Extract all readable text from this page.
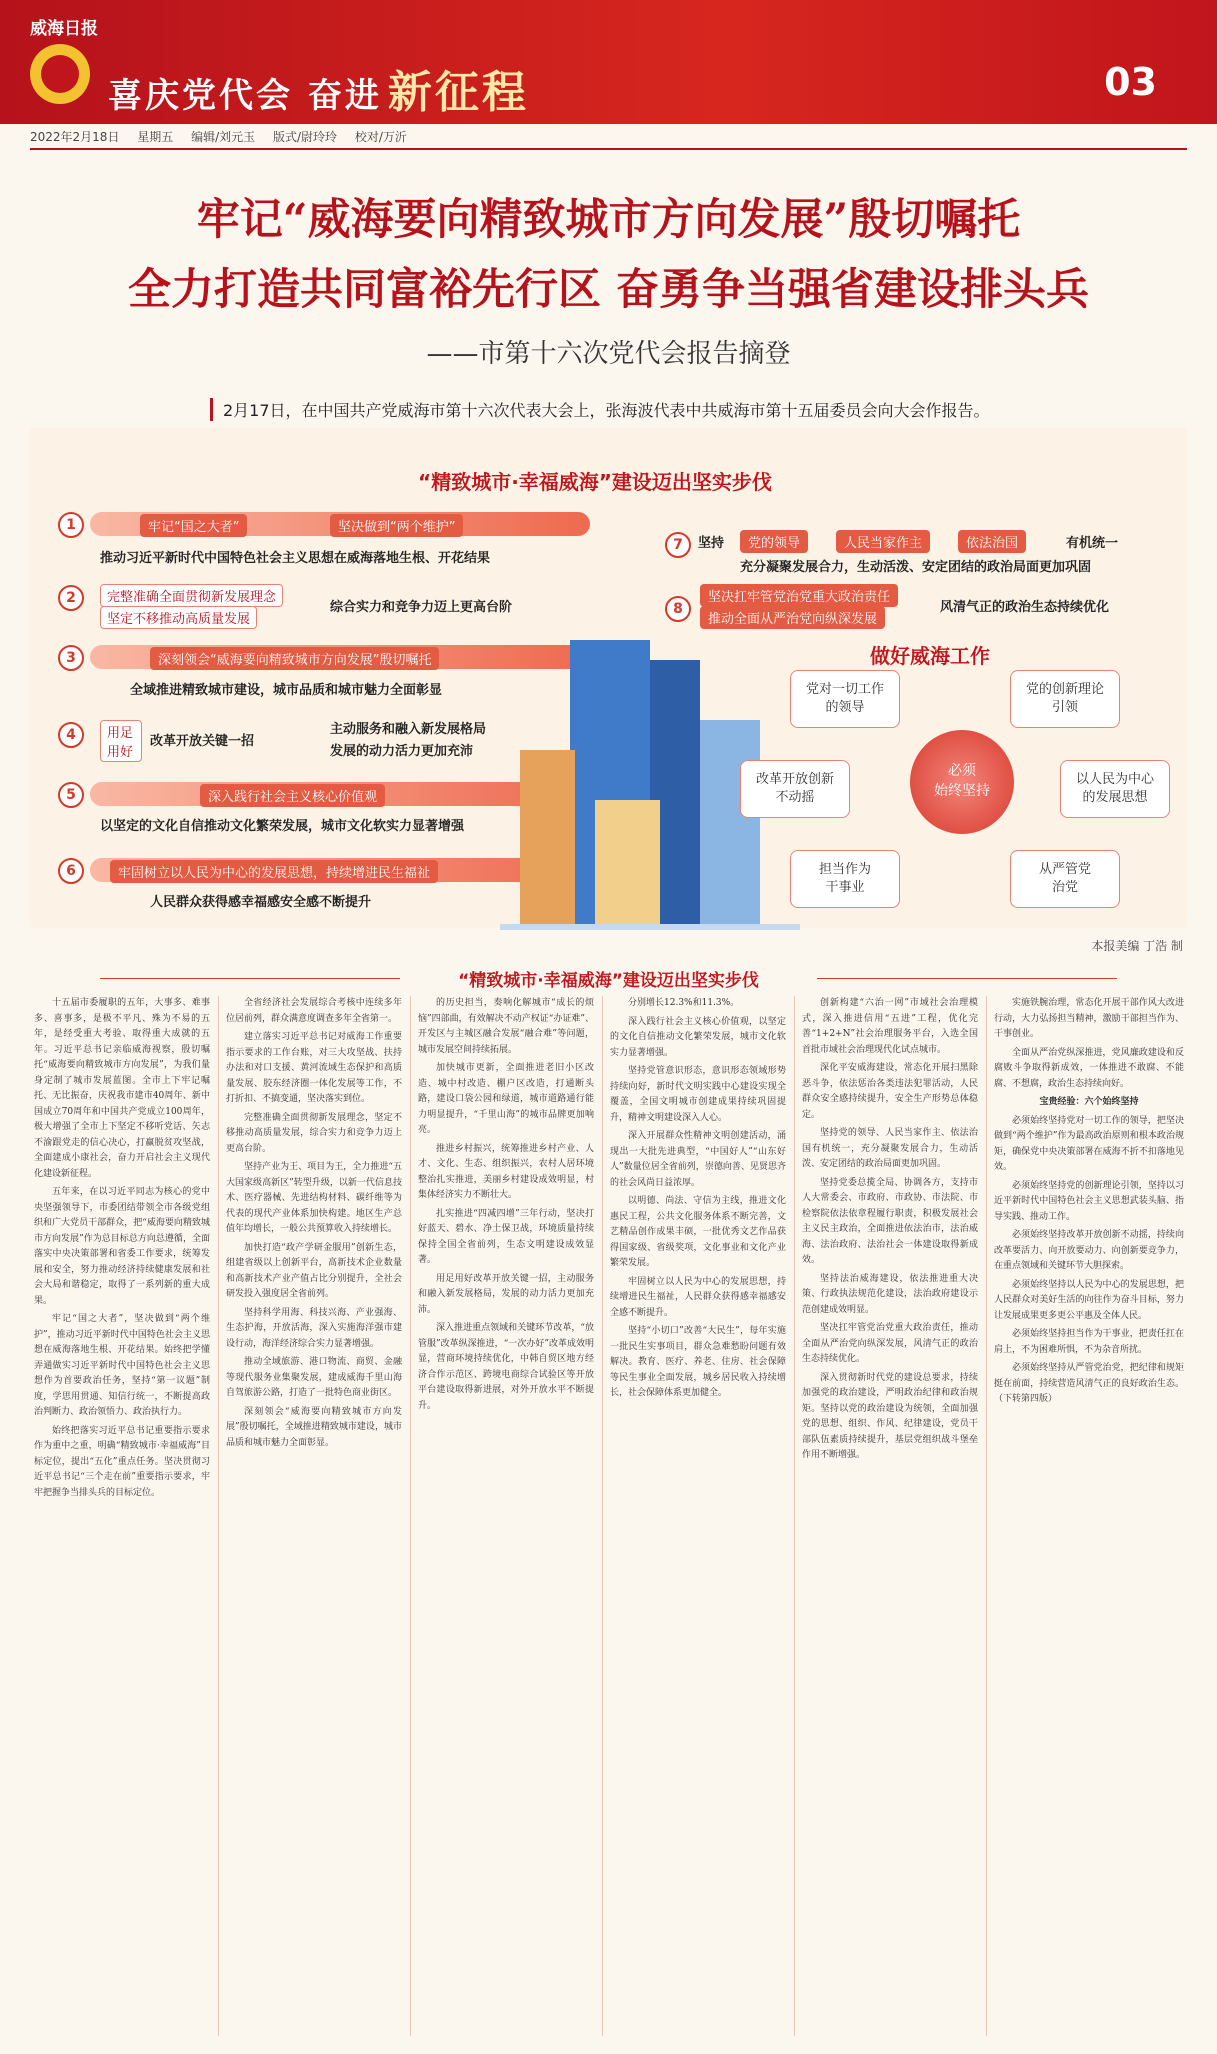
威海日报
喜庆党代会 奋进 新征程	03
2022年2月18日 星期五 编辑/刘元玉 版式/尉玲玲 校对/万沂
牢记“威海要向精致城市方向发展”殷切嘱托
全力打造共同富裕先行区 奋勇争当强省建设排头兵
——市第十六次党代会报告摘登
2月17日，在中国共产党威海市第十六次代表大会上，张海波代表中共威海市第十五届委员会向大会作报告。
“精致城市·幸福威海”建设迈出坚实步伐
1	牢记“国之大者”	坚决做到“两个维护”
推动习近平新时代中国特色社会主义思想在威海落地生根、开花结果
2	完整准确全面贯彻新发展理念
坚定不移推动高质量发展
综合实力和竞争力迈上更高台阶
3	深刻领会“威海要向精致城市方向发展”殷切嘱托
全域推进精致城市建设，城市品质和城市魅力全面彰显
4	用足用好
改革开放关键一招
主动服务和融入新发展格局
发展的动力活力更加充沛
5	深入践行社会主义核心价值观
以坚定的文化自信推动文化繁荣发展，城市文化软实力显著增强
6	牢固树立以人民为中心的发展思想，持续增进民生福祉
人民群众获得感幸福感安全感不断提升
7	坚持	党的领导	人民当家作主	依法治国	有机统一
充分凝聚发展合力，生动活泼、安定团结的政治局面更加巩固
8
坚决扛牢管党治党重大政治责任
推动全面从严治党向纵深发展
风清气正的政治生态持续优化
做好威海工作
必须
始终坚持
党对一切工作
的领导
党的创新理论
引领
以人民为中心
的发展思想
从严管党
治党
担当作为
干事业
改革开放创新
不动摇
本报美编 丁浩 制
“精致城市·幸福威海”建设迈出坚实步伐

十五届市委履职的五年，大事多、难事多、喜事多，是极不平凡、殊为不易的五年，是经受重大考验、取得重大成就的五年。习近平总书记亲临威海视察，殷切嘱托“威海要向精致城市方向发展”，为我们量身定制了城市发展蓝图。全市上下牢记嘱托、无比振奋，庆祝我市建市40周年、新中国成立70周年和中国共产党成立100周年，极大增强了全市上下坚定不移听党话、矢志不渝跟党走的信心决心，打赢脱贫攻坚战，全面建成小康社会，奋力开启社会主义现代化建设新征程。

五年来，在以习近平同志为核心的党中央坚强领导下，市委团结带领全市各级党组织和广大党员干部群众，把“威海要向精致城市方向发展”作为总目标总方向总遵循，全面落实中央决策部署和省委工作要求，统筹发展和安全，努力推动经济持续健康发展和社会大局和谐稳定，取得了一系列新的重大成果。

牢记“国之大者”，坚决做到“两个维护”，推动习近平新时代中国特色社会主义思想在威海落地生根、开花结果。始终把学懂弄通做实习近平新时代中国特色社会主义思想作为首要政治任务，坚持“第一议题”制度，学思用贯通、知信行统一，不断提高政治判断力、政治领悟力、政治执行力。

始终把落实习近平总书记重要指示要求作为重中之重，明确“精致城市·幸福威海”目标定位，提出“五化”重点任务。坚决贯彻习近平总书记“三个走在前”重要指示要求，牢牢把握争当排头兵的目标定位。

全省经济社会发展综合考核中连续多年位居前列，群众满意度调查多年全省第一。

建立落实习近平总书记对威海工作重要指示要求的工作台账，对三大攻坚战、扶持办法和对口支援、黄河流域生态保护和高质量发展、胶东经济圈一体化发展等工作，不打折扣、不搞变通，坚决落实到位。

完整准确全面贯彻新发展理念，坚定不移推动高质量发展，综合实力和竞争力迈上更高台阶。

坚持产业为王、项目为王，全力推进“五大国家级高新区”转型升级，以新一代信息技术、医疗器械、先进结构材料、碳纤维等为代表的现代产业体系加快构建。地区生产总值年均增长，一般公共预算收入持续增长。

加快打造“政产学研金服用”创新生态，组建省级以上创新平台，高新技术企业数量和高新技术产业产值占比分别提升，全社会研发投入强度居全省前列。

坚持科学用海、科技兴海、产业强海、生态护海，开放活海，深入实施海洋强市建设行动，海洋经济综合实力显著增强。

推动全域旅游、港口物流、商贸、金融等现代服务业集聚发展，建成威海千里山海自驾旅游公路，打造了一批特色商业街区。

深刻领会“威海要向精致城市方向发展”殷切嘱托，全域推进精致城市建设，城市品质和城市魅力全面彰显。

的历史担当，奏响化解城市“成长的烦恼”四部曲，有效解决不动产权证“办证难”、开发区与主城区融合发展“融合难”等问题，城市发展空间持续拓展。

加快城市更新，全面推进老旧小区改造、城中村改造、棚户区改造，打通断头路，建设口袋公园和绿道，城市道路通行能力明显提升，“千里山海”的城市品牌更加响亮。

推进乡村振兴，统筹推进乡村产业、人才、文化、生态、组织振兴，农村人居环境整治扎实推进，美丽乡村建设成效明显，村集体经济实力不断壮大。

扎实推进“四减四增”三年行动，坚决打好蓝天、碧水、净土保卫战，环境质量持续保持全国全省前列，生态文明建设成效显著。

用足用好改革开放关键一招，主动服务和融入新发展格局，发展的动力活力更加充沛。

深入推进重点领域和关键环节改革，“放管服”改革纵深推进，“一次办好”改革成效明显，营商环境持续优化，中韩自贸区地方经济合作示范区、跨境电商综合试验区等开放平台建设取得新进展，对外开放水平不断提升。

分别增长12.3%和11.3%。

深入践行社会主义核心价值观，以坚定的文化自信推动文化繁荣发展，城市文化软实力显著增强。

坚持党管意识形态，意识形态领域形势持续向好，新时代文明实践中心建设实现全覆盖，全国文明城市创建成果持续巩固提升，精神文明建设深入人心。

深入开展群众性精神文明创建活动，涌现出一大批先进典型，“中国好人”“山东好人”数量位居全省前列，崇德向善、见贤思齐的社会风尚日益浓厚。

以明德、尚法、守信为主线，推进文化惠民工程，公共文化服务体系不断完善，文艺精品创作成果丰硕，一批优秀文艺作品获得国家级、省级奖项，文化事业和文化产业繁荣发展。

牢固树立以人民为中心的发展思想，持续增进民生福祉，人民群众获得感幸福感安全感不断提升。

坚持“小切口”改善“大民生”，每年实施一批民生实事项目，群众急难愁盼问题有效解决。教育、医疗、养老、住房、社会保障等民生事业全面发展，城乡居民收入持续增长，社会保障体系更加健全。

创新构建“六治一网”市域社会治理模式，深入推进信用“五进”工程，优化完善“1+2+N”社会治理服务平台，入选全国首批市域社会治理现代化试点城市。

深化平安威海建设，常态化开展扫黑除恶斗争，依法惩治各类违法犯罪活动，人民群众安全感持续提升，安全生产形势总体稳定。

坚持党的领导、人民当家作主、依法治国有机统一，充分凝聚发展合力，生动活泼、安定团结的政治局面更加巩固。

坚持党委总揽全局、协调各方，支持市人大常委会、市政府、市政协、市法院、市检察院依法依章程履行职责，积极发展社会主义民主政治，全面推进依法治市，法治威海、法治政府、法治社会一体建设取得新成效。

坚持法治威海建设，依法推进重大决策、行政执法规范化建设，法治政府建设示范创建成效明显。

坚决扛牢管党治党重大政治责任，推动全面从严治党向纵深发展，风清气正的政治生态持续优化。

深入贯彻新时代党的建设总要求，持续加强党的政治建设，严明政治纪律和政治规矩。坚持以党的政治建设为统领，全面加强党的思想、组织、作风、纪律建设，党员干部队伍素质持续提升，基层党组织战斗堡垒作用不断增强。

实施铁腕治理，常态化开展干部作风大改进行动，大力弘扬担当精神，激励干部担当作为、干事创业。

全面从严治党纵深推进，党风廉政建设和反腐败斗争取得新成效，一体推进不敢腐、不能腐、不想腐，政治生态持续向好。

宝贵经验：六个始终坚持

必须始终坚持党对一切工作的领导，把坚决做到“两个维护”作为最高政治原则和根本政治规矩，确保党中央决策部署在威海不折不扣落地见效。

必须始终坚持党的创新理论引领，坚持以习近平新时代中国特色社会主义思想武装头脑、指导实践、推动工作。

必须始终坚持改革开放创新不动摇，持续向改革要活力、向开放要动力、向创新要竞争力，在重点领域和关键环节大胆探索。

必须始终坚持以人民为中心的发展思想，把人民群众对美好生活的向往作为奋斗目标，努力让发展成果更多更公平惠及全体人民。

必须始终坚持担当作为干事业，把责任扛在肩上，不为困难所惧，不为杂音所扰。

必须始终坚持从严管党治党，把纪律和规矩挺在前面，持续营造风清气正的良好政治生态。（下转第四版）
